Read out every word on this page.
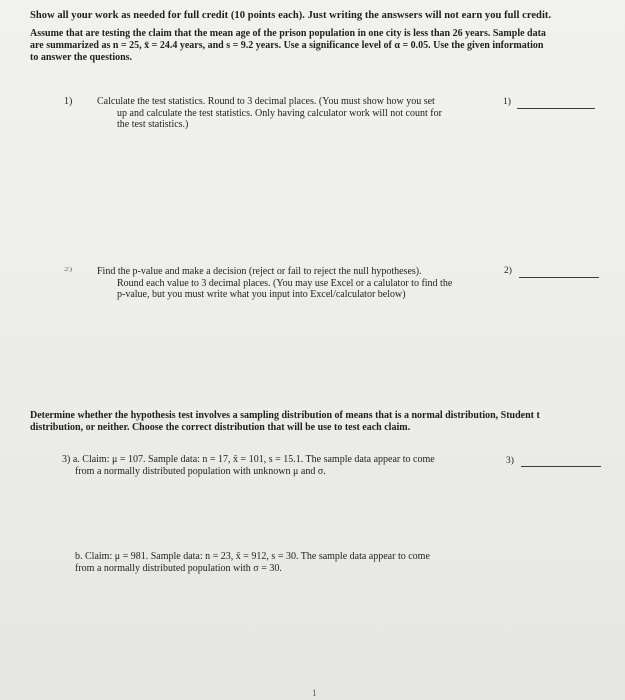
Show all your work as needed for full credit (10 points each). Just writing the answsers will not earn you full credit.
Assume that are testing the claim that the mean age of the prison population in one city is less than 26 years. Sample data
are summarized as n = 25, x̄ = 24.4 years, and s = 9.2 years. Use a significance level of α = 0.05. Use the given information
to answer the questions.
1) Calculate the test statistics. Round to 3 decimal places. (You must show how you set
up and calculate the test statistics. Only having calculator work will not count for
the test statistics.)
1)
2) Find the p-value and make a decision (reject or fail to reject the null hypotheses).
Round each value to 3 decimal places. (You may use Excel or a calulator to find the
p-value, but you must write what you input into Excel/calculator below)
2)
Determine whether the hypothesis test involves a sampling distribution of means that is a normal distribution, Student t
distribution, or neither. Choose the correct distribution that will be use to test each claim.
3) a. Claim: μ = 107. Sample data: n = 17, x̄ = 101, s = 15.1. The sample data appear to come
from a normally distributed population with unknown μ and σ.
3)
b. Claim: μ = 981. Sample data: n = 23, x̄ = 912, s = 30. The sample data appear to come
from a normally distributed population with σ = 30.
1
